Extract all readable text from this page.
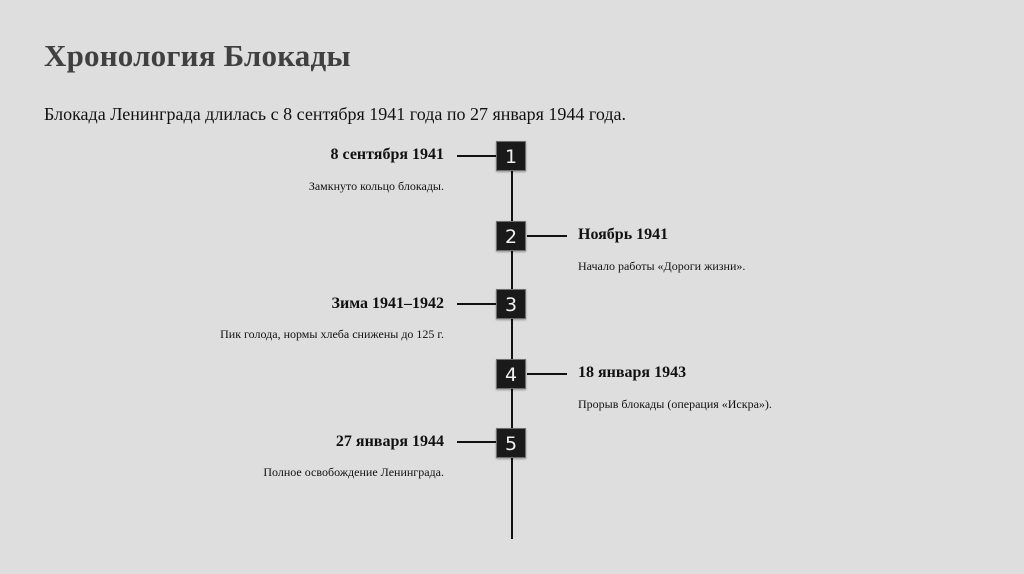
Хронология Блокады

Блокада Ленинграда длилась с 8 сентября 1941 года по 27 января 1944 года.

1
8 сентября 1941
Замкнуто кольцо блокады.
2	Ноябрь 1941
Начало работы «Дороги жизни».
3
Зима 1941–1942
Пик голода, нормы хлеба снижены до 125 г.
4	18 января 1943
Прорыв блокады (операция «Искра»).
5
27 января 1944
Полное освобождение Ленинграда.
